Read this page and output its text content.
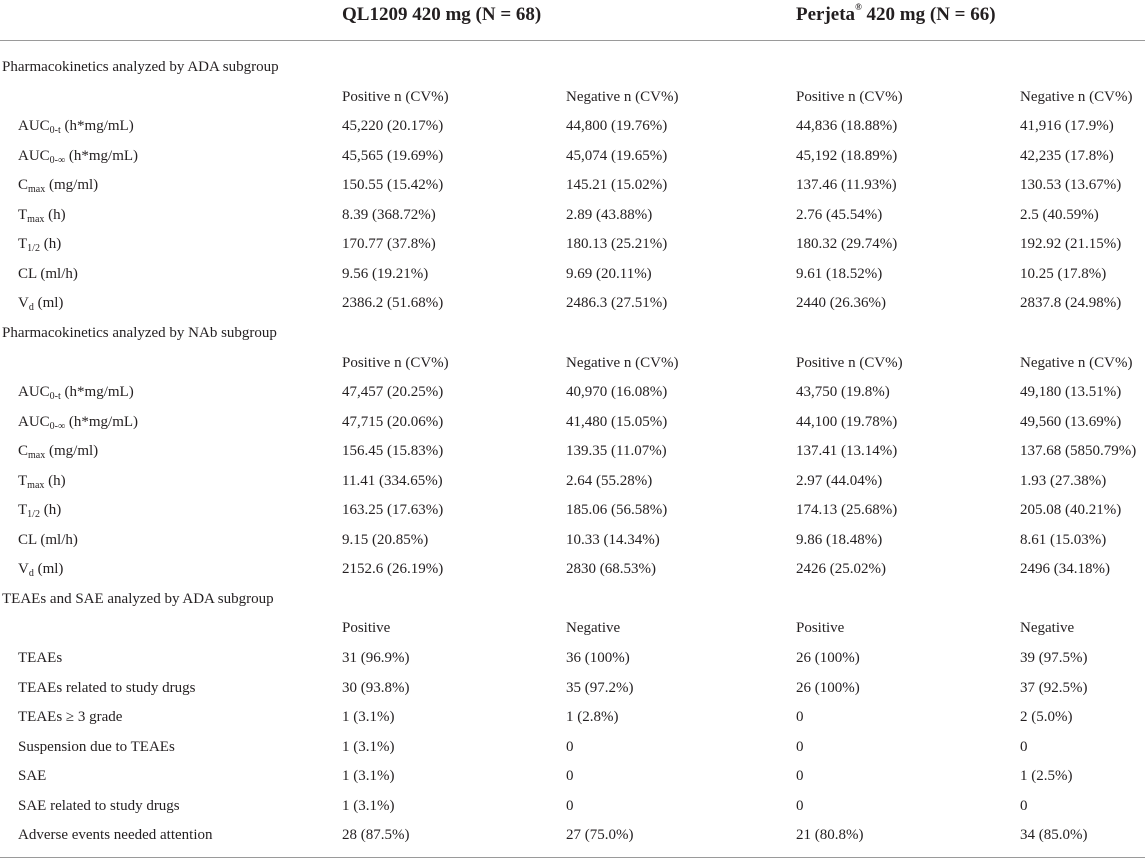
QL1209 420 mg (N = 68)	Perjeta® 420 mg (N = 66)
Pharmacokinetics analyzed by ADA subgroup
Positive n (CV%)	Negative n (CV%)	Positive n (CV%)	Negative n (CV%)
$AUC_{0-t}$ (h*mg/mL)	45,220 (20.17%)	44,800 (19.76%)	44,836 (18.88%)	41,916 (17.9%)
$AUC_{0-\infty}$ (h*mg/mL)	45,565 (19.69%)	45,074 (19.65%)	45,192 (18.89%)	42,235 (17.8%)
$C_{max}$ (mg/ml)	150.55 (15.42%)	145.21 (15.02%)	137.46 (11.93%)	130.53 (13.67%)
$T_{max}$ (h)	8.39 (368.72%)	2.89 (43.88%)	2.76 (45.54%)	2.5 (40.59%)
$T_{1/2}$ (h)	170.77 (37.8%)	180.13 (25.21%)	180.32 (29.74%)	192.92 (21.15%)
CL (ml/h)	9.56 (19.21%)	9.69 (20.11%)	9.61 (18.52%)	10.25 (17.8%)
$V_d$ (ml)	2386.2 (51.68%)	2486.3 (27.51%)	2440 (26.36%)	2837.8 (24.98%)
Pharmacokinetics analyzed by NAb subgroup
Positive n (CV%)	Negative n (CV%)	Positive n (CV%)	Negative n (CV%)
$AUC_{0-t}$ (h*mg/mL)	47,457 (20.25%)	40,970 (16.08%)	43,750 (19.8%)	49,180 (13.51%)
$AUC_{0-\infty}$ (h*mg/mL)	47,715 (20.06%)	41,480 (15.05%)	44,100 (19.78%)	49,560 (13.69%)
$C_{max}$ (mg/ml)	156.45 (15.83%)	139.35 (11.07%)	137.41 (13.14%)	137.68 (5850.79%)
$T_{max}$ (h)	11.41 (334.65%)	2.64 (55.28%)	2.97 (44.04%)	1.93 (27.38%)
$T_{1/2}$ (h)	163.25 (17.63%)	185.06 (56.58%)	174.13 (25.68%)	205.08 (40.21%)
CL (ml/h)	9.15 (20.85%)	10.33 (14.34%)	9.86 (18.48%)	8.61 (15.03%)
$V_d$ (ml)	2152.6 (26.19%)	2830 (68.53%)	2426 (25.02%)	2496 (34.18%)
TEAEs and SAE analyzed by ADA subgroup
Positive	Negative	Positive	Negative
TEAEs	31 (96.9%)	36 (100%)	26 (100%)	39 (97.5%)
TEAEs related to study drugs	30 (93.8%)	35 (97.2%)	26 (100%)	37 (92.5%)
TEAEs ≥ 3 grade	1 (3.1%)	1 (2.8%)	0	2 (5.0%)
Suspension due to TEAEs	1 (3.1%)	0	0	0
SAE	1 (3.1%)	0	0	1 (2.5%)
SAE related to study drugs	1 (3.1%)	0	0	0
Adverse events needed attention	28 (87.5%)	27 (75.0%)	21 (80.8%)	34 (85.0%)
